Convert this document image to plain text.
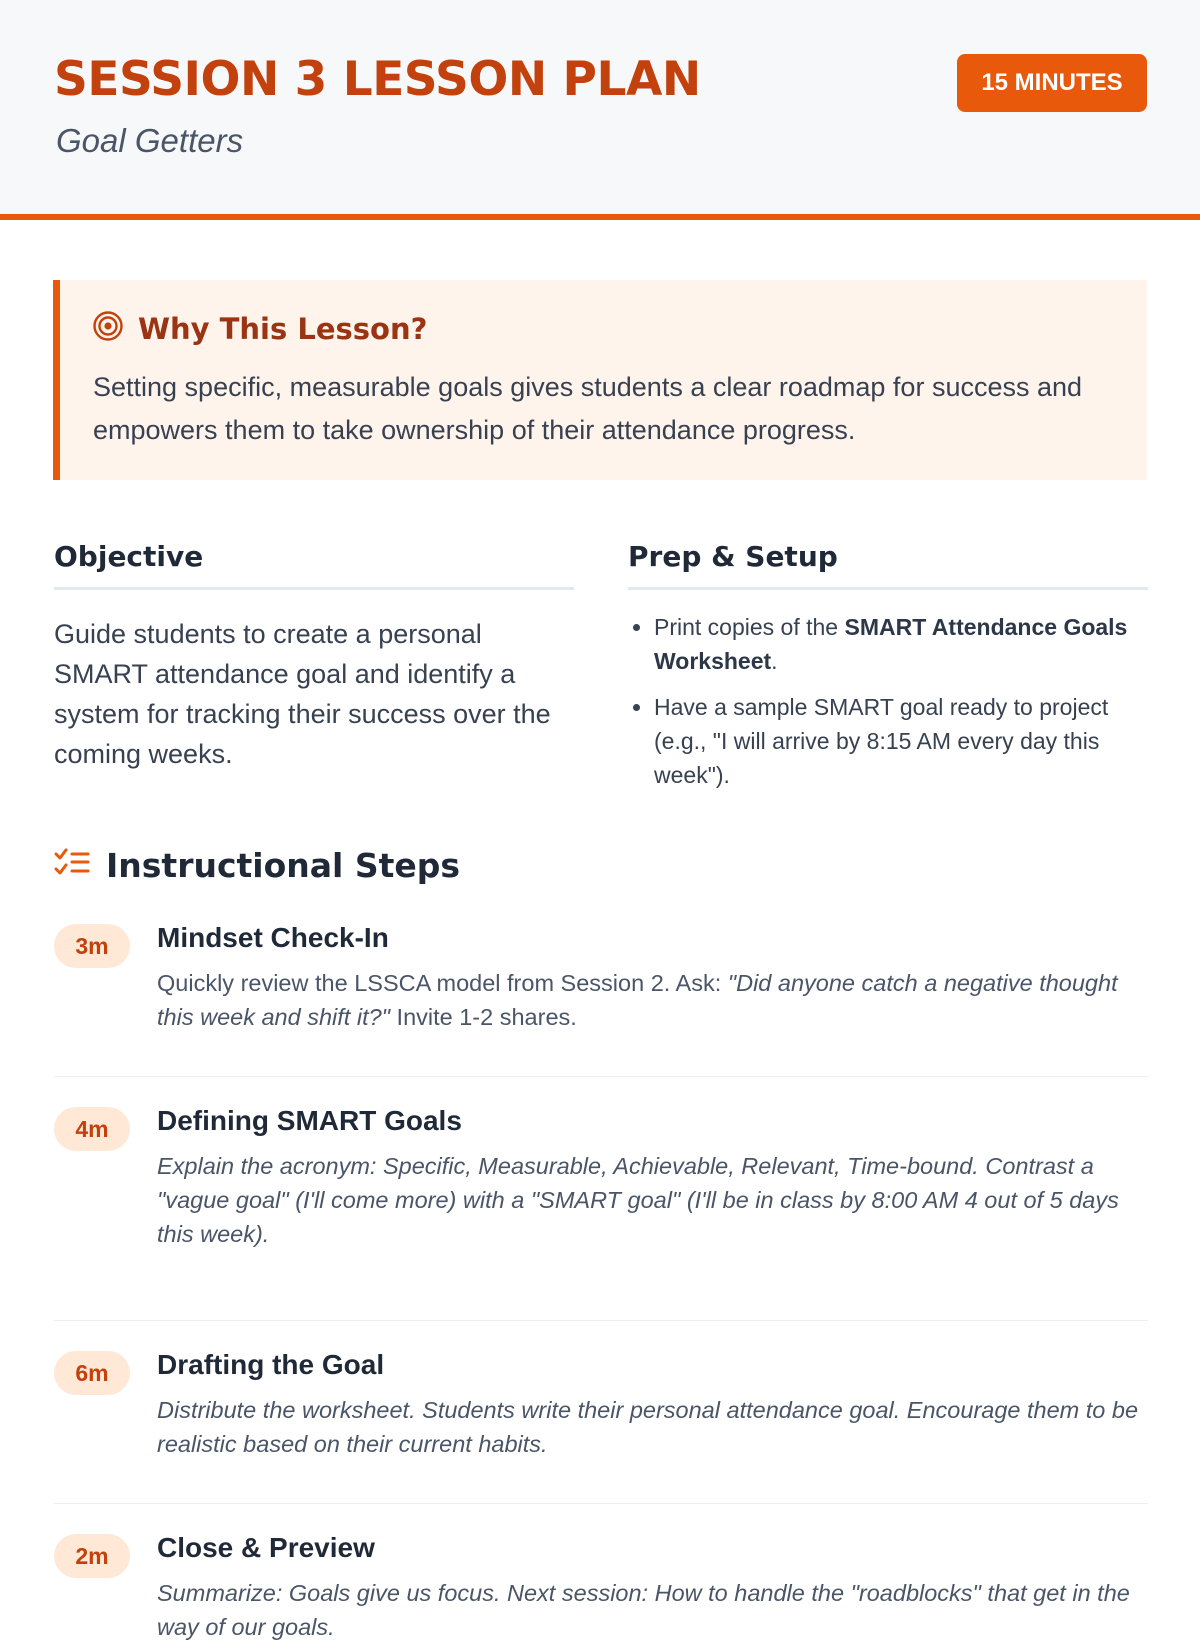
SESSION 3 LESSON PLAN
Goal Getters
15 MINUTES
Why This Lesson?

Setting specific, measurable goals gives students a clear roadmap for success and empowers them to take ownership of their attendance progress.

Objective

Guide students to create a personal SMART attendance goal and identify a system for tracking their success over the coming weeks.

Prep & Setup
• Print copies of the SMART Attendance Goals Worksheet.
• Have a sample SMART goal ready to project (e.g., "I will arrive by 8:15 AM every day this week").
Instructional Steps
3m	Mindset Check-In

Quickly review the LSSCA model from Session 2. Ask: "Did anyone catch a negative thought this week and shift it?" Invite 1-2 shares.

4m	Defining SMART Goals

Explain the acronym: Specific, Measurable, Achievable, Relevant, Time-bound. Contrast a "vague goal" (I'll come more) with a "SMART goal" (I'll be in class by 8:00 AM 4 out of 5 days this week).

6m	Drafting the Goal

Distribute the worksheet. Students write their personal attendance goal. Encourage them to be realistic based on their current habits.

2m	Close & Preview

Summarize: Goals give us focus. Next session: How to handle the "roadblocks" that get in the way of our goals.
